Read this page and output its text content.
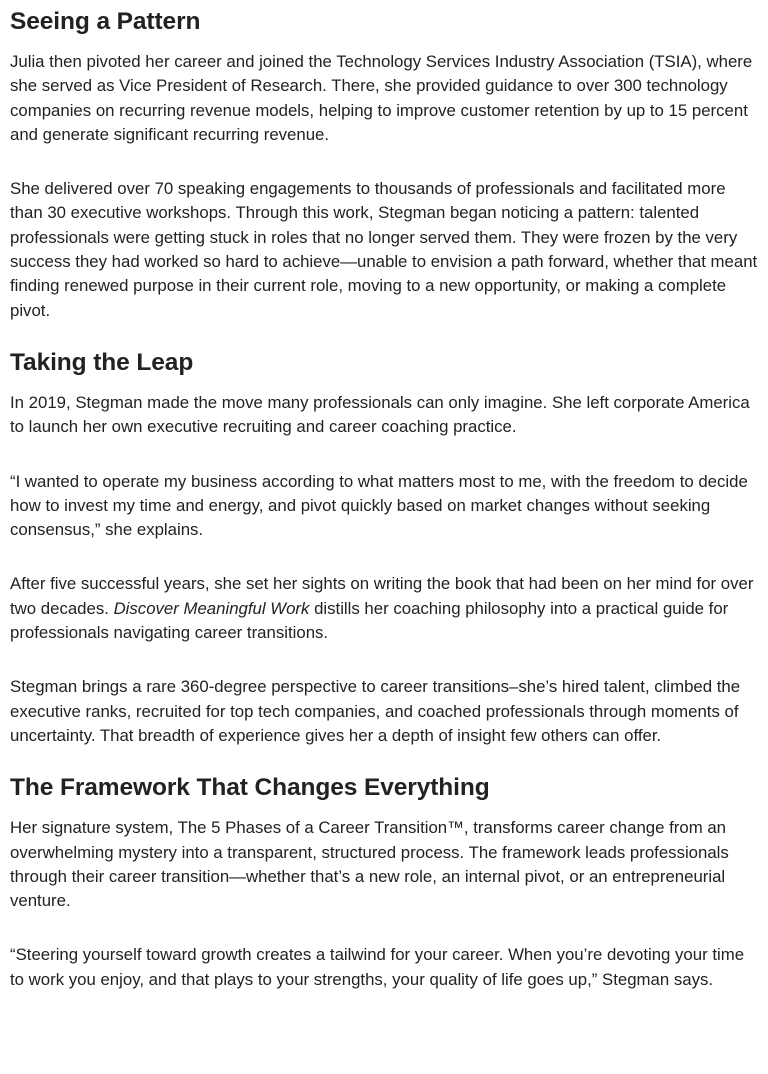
Seeing a Pattern

Julia then pivoted her career and joined the Technology Services Industry Association (TSIA), where she served as Vice President of Research. There, she provided guidance to over 300 technology companies on recurring revenue models, helping to improve customer retention by up to 15 percent and generate significant recurring revenue.

She delivered over 70 speaking engagements to thousands of professionals and facilitated more than 30 executive workshops. Through this work, Stegman began noticing a pattern: talented professionals were getting stuck in roles that no longer served them. They were frozen by the very success they had worked so hard to achieve—unable to envision a path forward, whether that meant finding renewed purpose in their current role, moving to a new opportunity, or making a complete pivot.

Taking the Leap

In 2019, Stegman made the move many professionals can only imagine. She left corporate America to launch her own executive recruiting and career coaching practice.

“I wanted to operate my business according to what matters most to me, with the freedom to decide how to invest my time and energy, and pivot quickly based on market changes without seeking consensus,” she explains.

After five successful years, she set her sights on writing the book that had been on her mind for over two decades. Discover Meaningful Work distills her coaching philosophy into a practical guide for professionals navigating career transitions.

Stegman brings a rare 360-degree perspective to career transitions–she’s hired talent, climbed the executive ranks, recruited for top tech companies, and coached professionals through moments of uncertainty. That breadth of experience gives her a depth of insight few others can offer.

The Framework That Changes Everything

Her signature system, The 5 Phases of a Career Transition™, transforms career change from an overwhelming mystery into a transparent, structured process. The framework leads professionals through their career transition—whether that’s a new role, an internal pivot, or an entrepreneurial venture.

“Steering yourself toward growth creates a tailwind for your career. When you’re devoting your time to work you enjoy, and that plays to your strengths, your quality of life goes up,” Stegman says.
